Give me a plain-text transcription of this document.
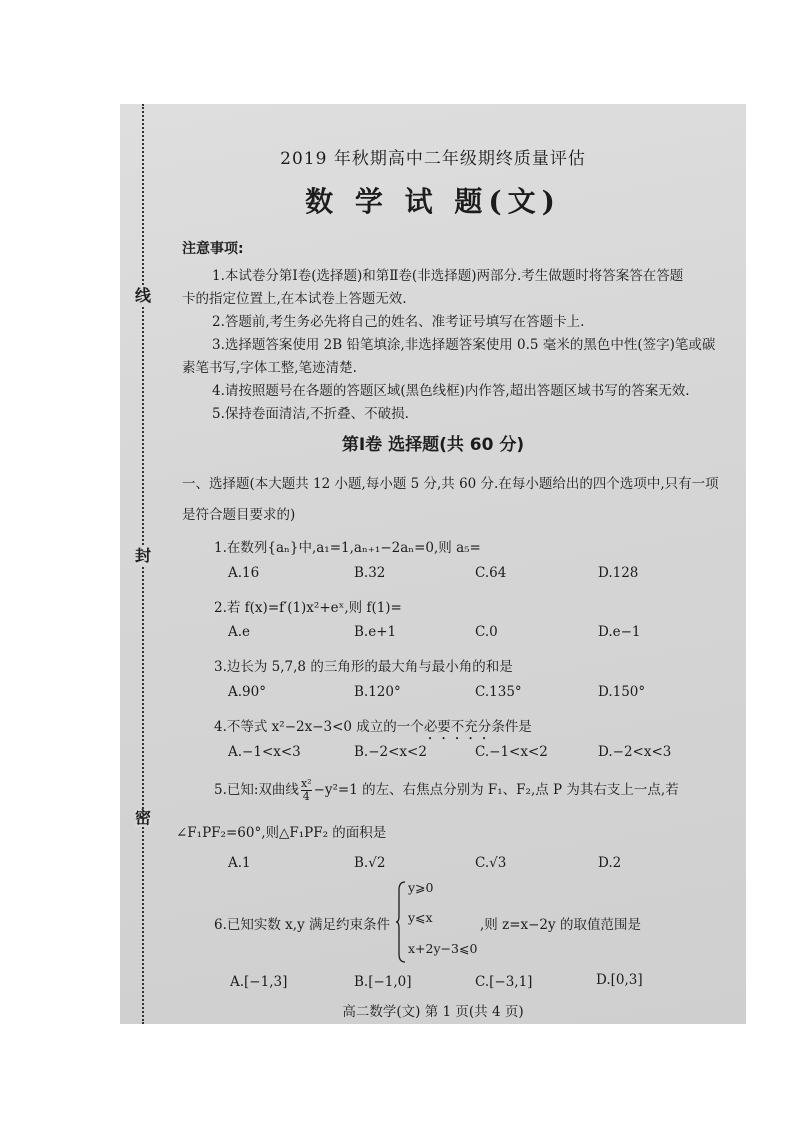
线
封
密
2019 年秋期高中二年级期终质量评估
数 学 试 题(文)
注意事项:
1.本试卷分第Ⅰ卷(选择题)和第Ⅱ卷(非选择题)两部分.考生做题时将答案答在答题
卡的指定位置上,在本试卷上答题无效.
2.答题前,考生务必先将自己的姓名、准考证号填写在答题卡上.
3.选择题答案使用 2B 铅笔填涂,非选择题答案使用 0.5 毫米的黑色中性(签字)笔或碳
素笔书写,字体工整,笔迹清楚.
4.请按照题号在各题的答题区域(黑色线框)内作答,超出答题区域书写的答案无效.
5.保持卷面清洁,不折叠、不破损.
第Ⅰ卷 选择题(共 60 分)
一、选择题(本大题共 12 小题,每小题 5 分,共 60 分.在每小题给出的四个选项中,只有一项
是符合题目要求的)
1.在数列{aₙ}中,a₁=1,aₙ₊₁−2aₙ=0,则 a₅=
A.16	B.32	C.64	D.128
2.若 f(x)=f′(1)x²+eˣ,则 f(1)=
A.e	B.e+1	C.0	D.e−1
3.边长为 5,7,8 的三角形的最大角与最小角的和是
A.90°	B.120°	C.135°	D.150°
4.不等式 x²−2x−3<0 成立的一个必要不充分条件是
A.−1<x<3	B.−2<x<2	C.−1<x<2	D.−2<x<3
5.已知:双曲线 $\frac{\text{x²}}{4} -y^2=1$ 的左、右焦点分别为 F₁、F₂,点 P 为其右支上一点,若
∠F₁PF₂=60°,则△F₁PF₂ 的面积是
A.1	B.√2	C.√3	D.2
6.已知实数 x,y 满足约束条件
y⩾0
y⩽x
x+2y−3⩽0
,则 z=x−2y 的取值范围是
A.[−1,3]	B.[−1,0]	C.[−3,1]	D.[0,3]
高二数学(文) 第 1 页(共 4 页)
